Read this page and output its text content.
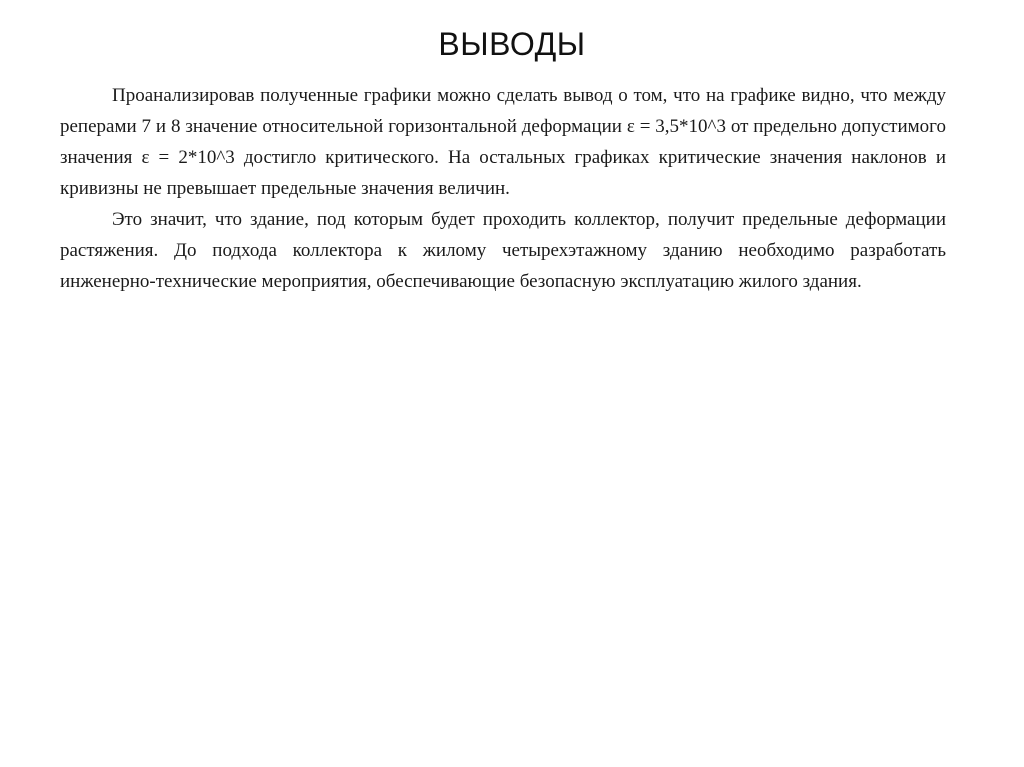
ВЫВОДЫ

Проанализировав полученные графики можно сделать вывод о том, что на графике видно, что между реперами 7 и 8 значение относительной горизонтальной деформации ε = 3,5*10^3 от предельно допустимого значения ε = 2*10^3 достигло критического. На остальных графиках критические значения наклонов и кривизны не превышает предельные значения величин.

Это значит, что здание, под которым будет проходить коллектор, получит предельные деформации растяжения. До подхода коллектора к жилому четырехэтажному зданию необходимо разработать инженерно-технические мероприятия, обеспечивающие безопасную эксплуатацию жилого здания.
